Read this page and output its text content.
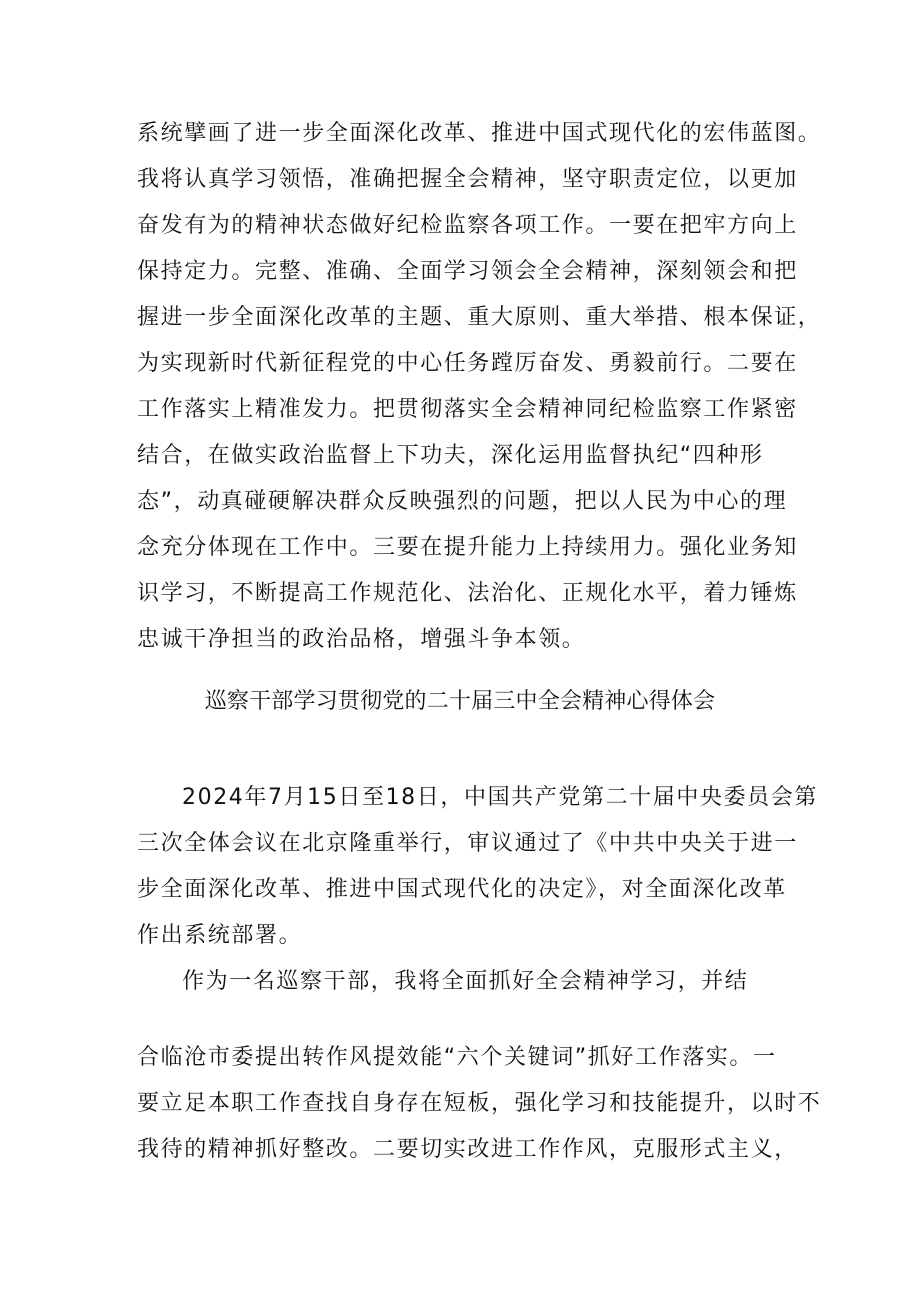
系统擘画了进一步全面深化改革、推进中国式现代化的宏伟蓝图。
我将认真学习领悟，准确把握全会精神，坚守职责定位，以更加
奋发有为的精神状态做好纪检监察各项工作。一要在把牢方向上
保持定力。完整、准确、全面学习领会全会精神，深刻领会和把
握进一步全面深化改革的主题、重大原则、重大举措、根本保证，
为实现新时代新征程党的中心任务蹚厉奋发、勇毅前行。二要在
工作落实上精准发力。把贯彻落实全会精神同纪检监察工作紧密
结合，在做实政治监督上下功夫，深化运用监督执纪“四种形
态”，动真碰硬解决群众反映强烈的问题，把以人民为中心的理
念充分体现在工作中。三要在提升能力上持续用力。强化业务知
识学习，不断提高工作规范化、法治化、正规化水平，着力锤炼
忠诚干净担当的政治品格，增强斗争本领。
巡察干部学习贯彻党的二十届三中全会精神心得体会
2024年7月15日至18日，中国共产党第二十届中央委员会第
三次全体会议在北京隆重举行，审议通过了《中共中央关于进一
步全面深化改革、推进中国式现代化的决定》，对全面深化改革
作出系统部署。
作为一名巡察干部，我将全面抓好全会精神学习，并结
合临沧市委提出转作风提效能“六个关键词”抓好工作落实。一
要立足本职工作查找自身存在短板，强化学习和技能提升，以时不
我待的精神抓好整改。二要切实改进工作作风，克服形式主义，
